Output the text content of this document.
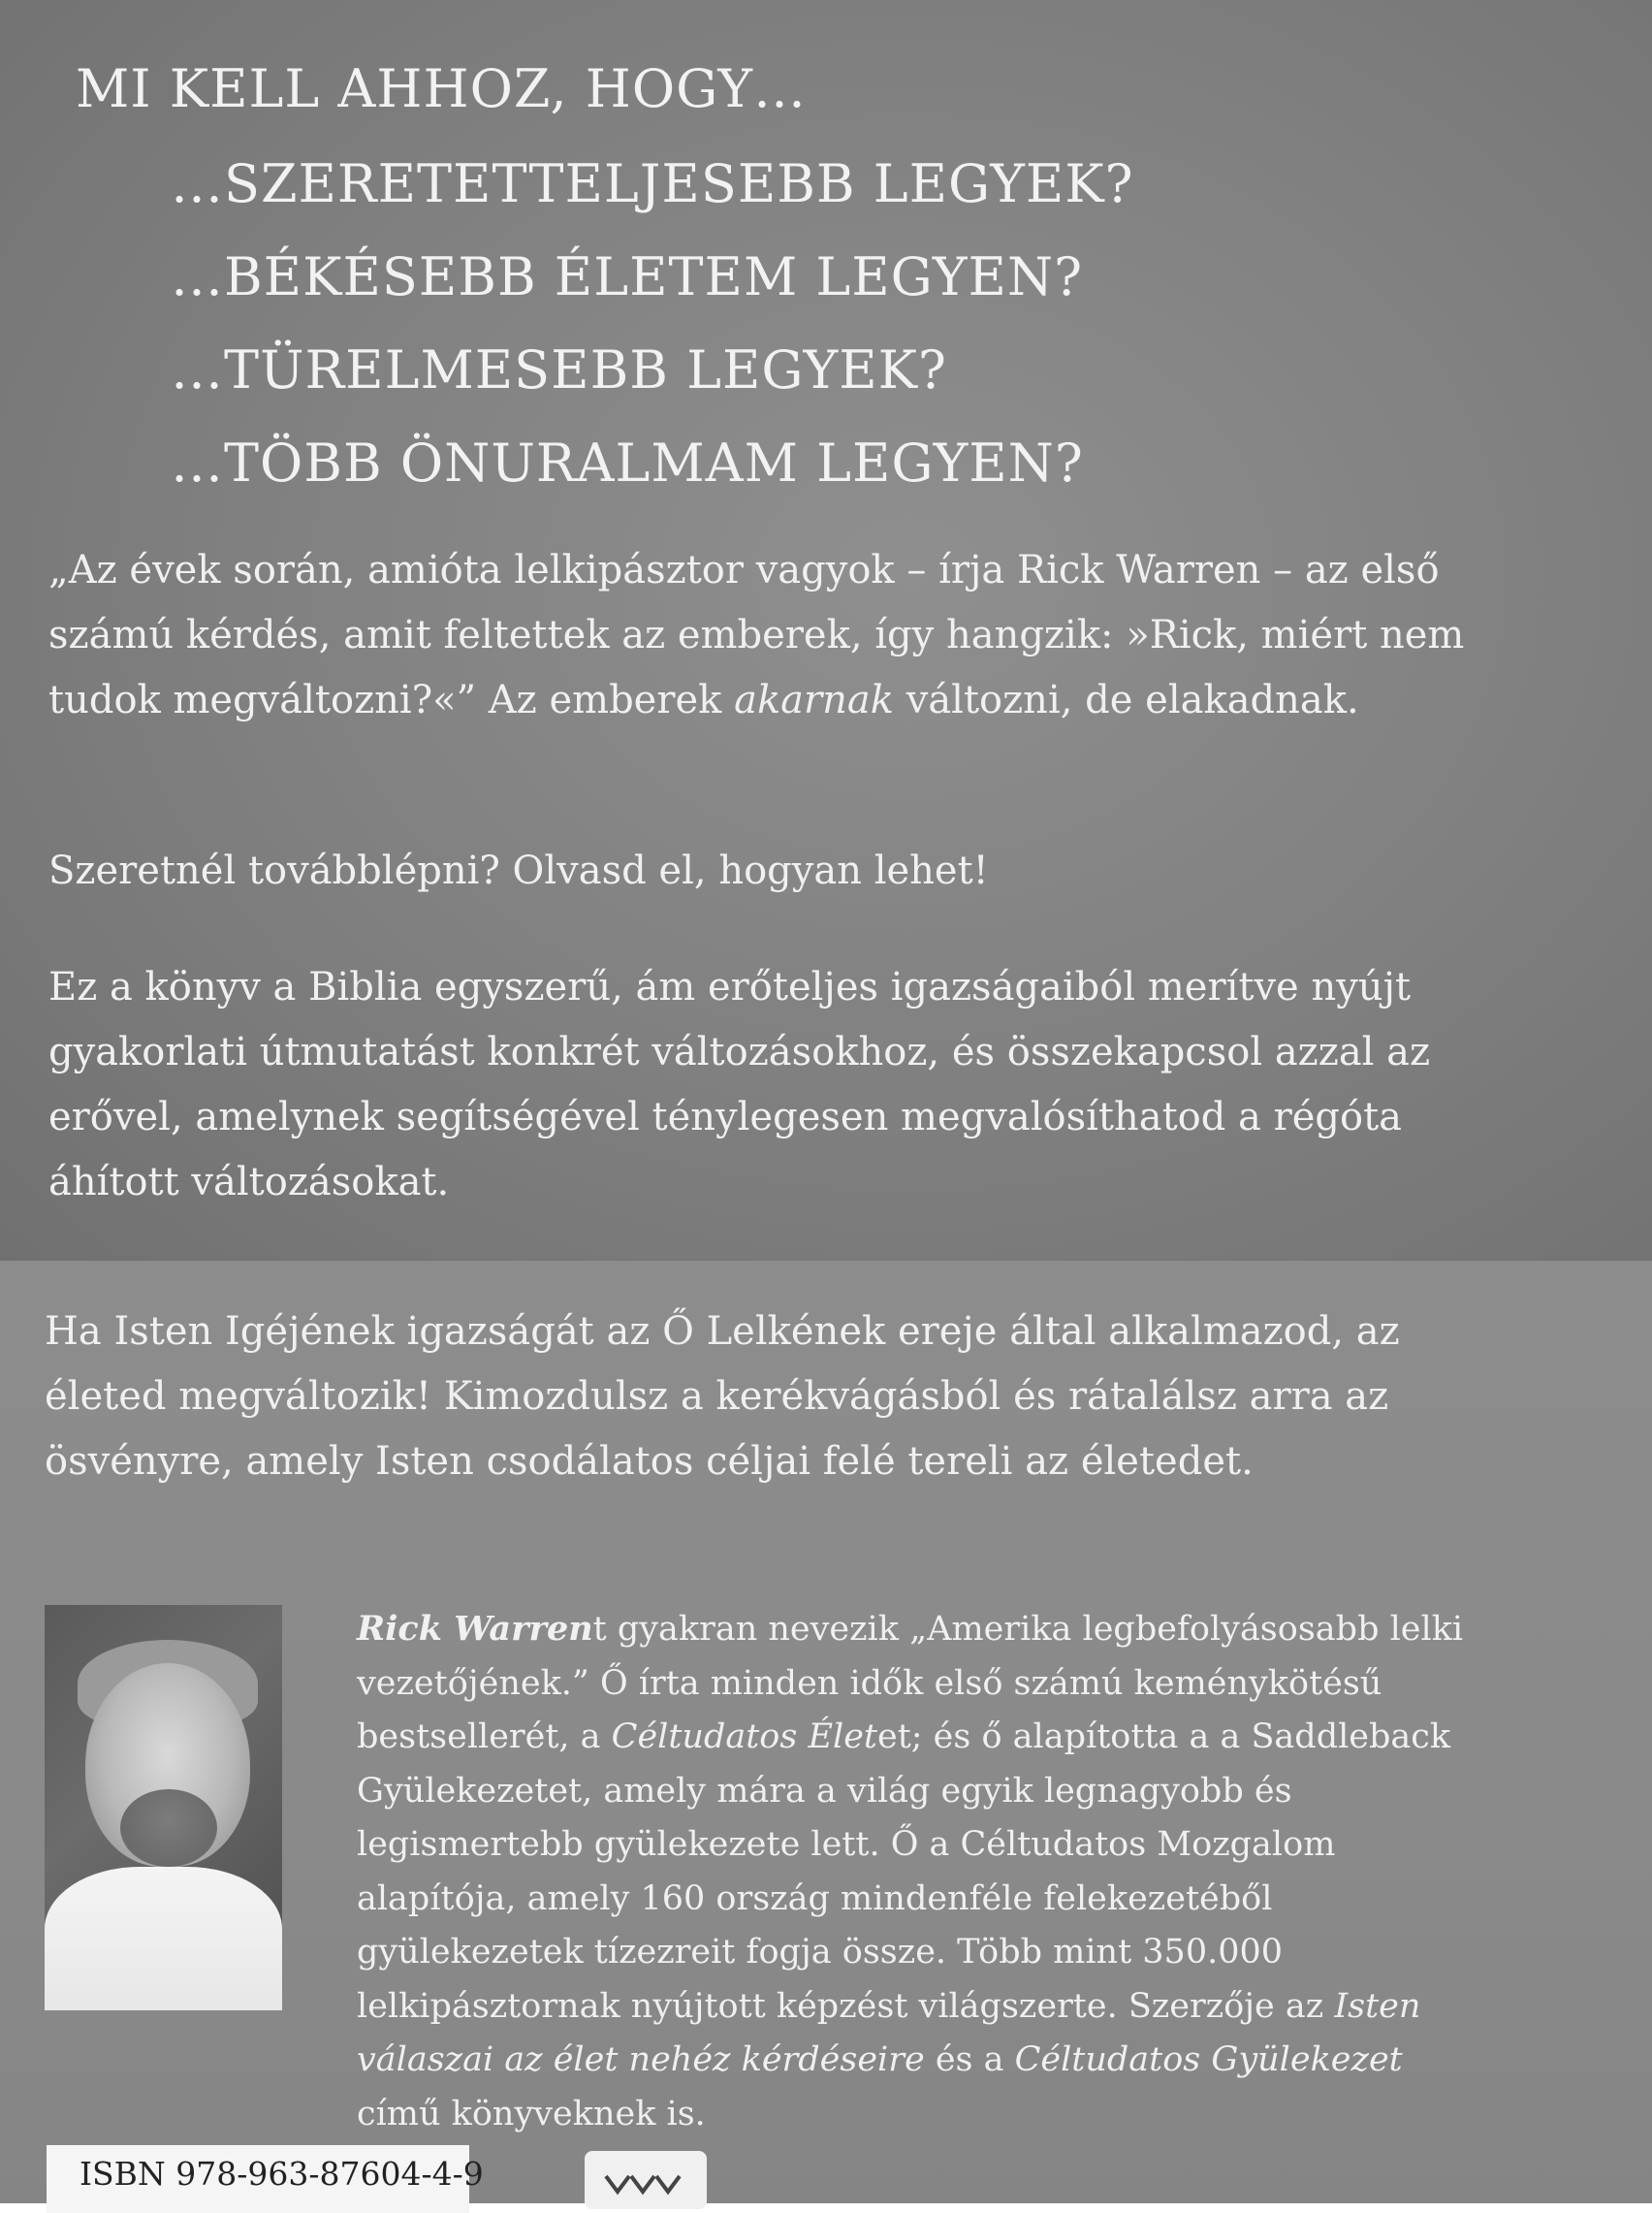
MI KELL AHHOZ, HOGY…
…SZERETETTELJESEBB LEGYEK?
…BÉKÉSEBB ÉLETEM LEGYEN?
…TÜRELMESEBB LEGYEK?
…TÖBB ÖNURALMAM LEGYEN?
„Az évek során, amióta lelkipásztor vagyok – írja Rick Warren – az első számú kérdés, amit feltettek az emberek, így hangzik: »Rick, miért nem tudok megváltozni?«” Az emberek akarnak változni, de elakadnak.
Szeretnél továbblépni? Olvasd el, hogyan lehet!
Ez a könyv a Biblia egyszerű, ám erőteljes igazságaiból merítve nyújt gyakorlati útmutatást konkrét változásokhoz, és összekapcsol azzal az erővel, amelynek segítségével ténylegesen megvalósíthatod a régóta áhított változásokat.
Ha Isten Igéjének igazságát az Ő Lelkének ereje által alkalmazod, az életed megváltozik! Kimozdulsz a kerékvágásból és rátalálsz arra az ösvényre, amely Isten csodálatos céljai felé tereli az életedet.
Rick Warrent gyakran nevezik „Amerika legbefolyásosabb lelki vezetőjének.” Ő írta minden idők első számú keménykötésű bestsellerét, a Céltudatos Életet; és ő alapította a a Saddleback Gyülekezetet, amely mára a világ egyik legnagyobb és legismertebb gyülekezete lett. Ő a Céltudatos Mozgalom alapítója, amely 160 ország mindenféle felekezetéből gyülekezetek tízezreit fogja össze. Több mint 350.000 lelkipásztornak nyújtott képzést világszerte. Szerzője az Isten válaszai az élet nehéz kérdéseire és a Céltudatos Gyülekezet című könyveknek is.
ISBN 978-963-87604-4-9
